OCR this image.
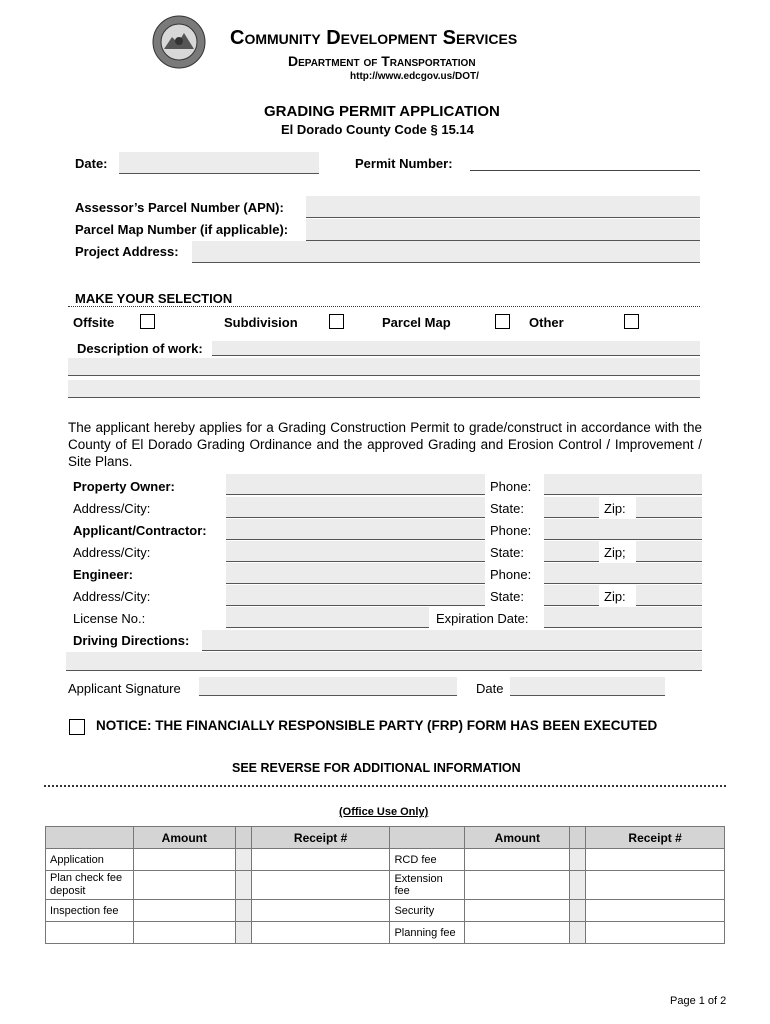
Community Development Services
Department of Transportation
http://www.edcgov.us/DOT/
GRADING PERMIT APPLICATION
El Dorado County Code § 15.14
Date:	Permit Number:
Assessor’s Parcel Number (APN):
Parcel Map Number (if applicable):
Project Address:
MAKE YOUR SELECTION
Offsite	Subdivision	Parcel Map	Other
Description of work:
The applicant hereby applies for a Grading Construction Permit to grade/construct in accordance with the County of El Dorado Grading Ordinance and the approved Grading and Erosion Control / Improvement / Site Plans.
Property Owner:	Phone:
Address/City:	State:	Zip:
Applicant/Contractor:	Phone:
Address/City:	State:	Zip;
Engineer:	Phone:
Address/City:	State:	Zip:
License No.:	Expiration Date:
Driving Directions:
Applicant Signature	Date
NOTICE: THE FINANCIALLY RESPONSIBLE PARTY (FRP) FORM HAS BEEN EXECUTED
SEE REVERSE FOR ADDITIONAL INFORMATION
(Office Use Only)
	Amount		Receipt #		Amount		Receipt #
Application				RCD fee			
Plan check fee deposit				Extension fee			
Inspection fee				Security			
				Planning fee			
Page 1 of 2
